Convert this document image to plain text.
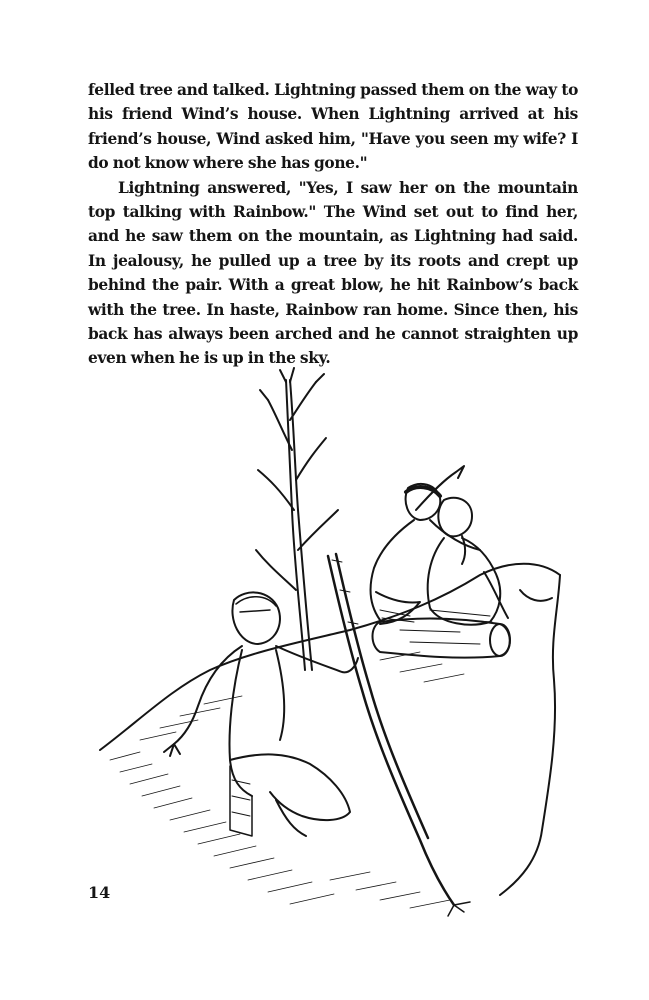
felled tree and talked. Lightning passed them on the way to his friend Wind’s house. When Lightning arrived at his friend’s house, Wind asked him, "Have you seen my wife? I do not know where she has gone."

Lightning answered, "Yes, I saw her on the mountain top talking with Rainbow." The Wind set out to find her, and he saw them on the mountain, as Lightning had said. In jealousy, he pulled up a tree by its roots and crept up behind the pair. With a great blow, he hit Rainbow’s back with the tree. In haste, Rainbow ran home. Since then, his back has always been arched and he cannot straighten up even when he is up in the sky.

14
